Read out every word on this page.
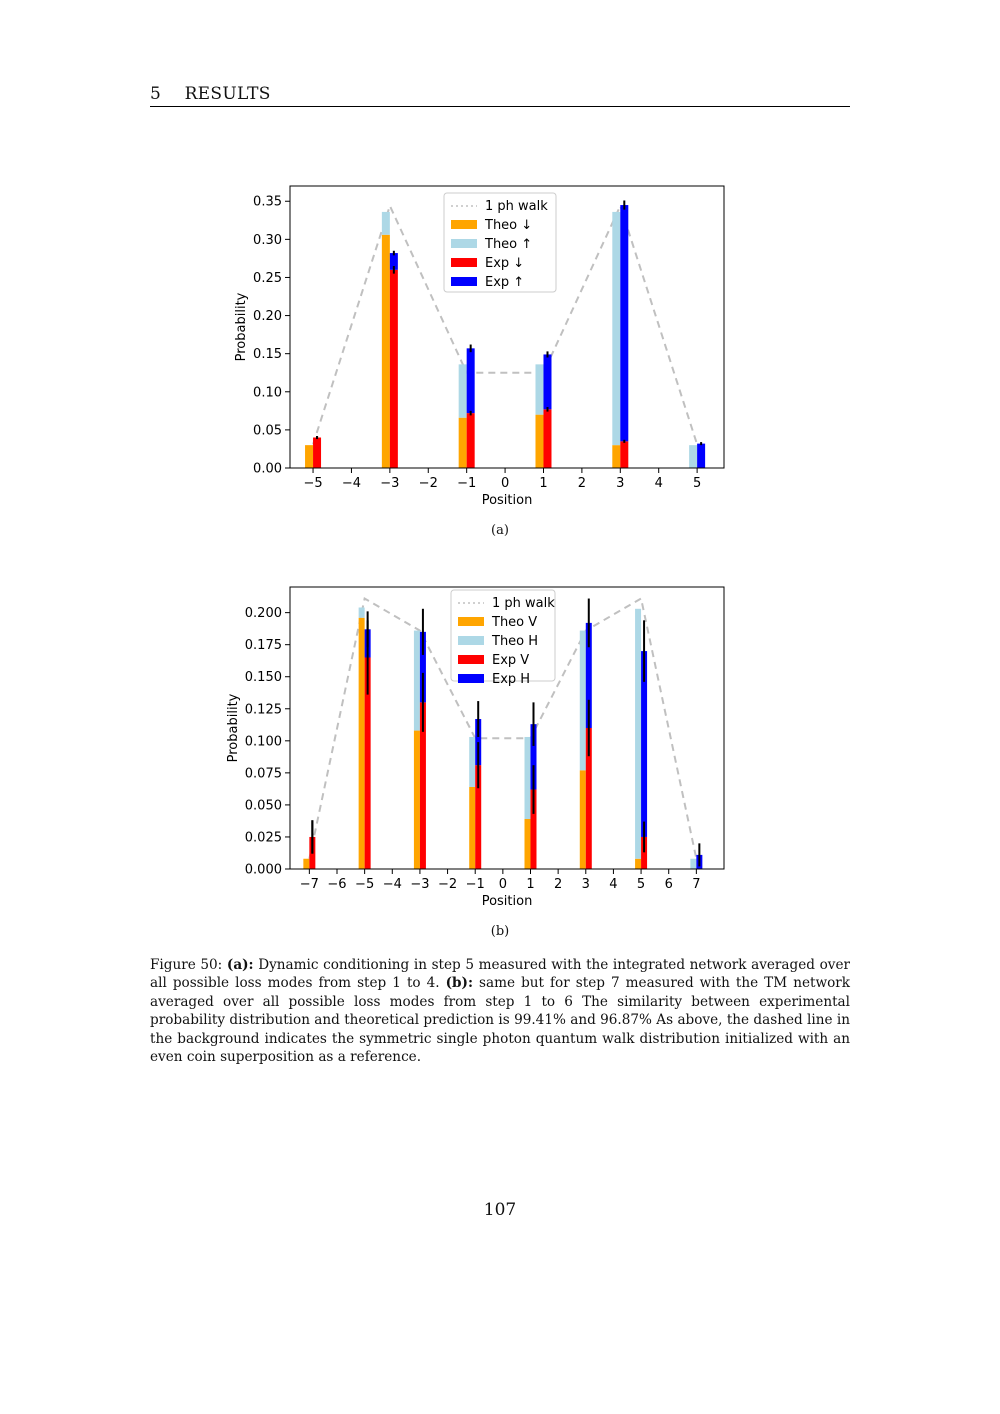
5 RESULTS
0.00
0.05
0.10
0.15
0.20
0.25
0.30
0.35
−5 −4 −3 −2 −1 0 1 2 3 4 5
Position
Probability
1 ph walk
Theo ↓
Theo ↑
Exp ↓
Exp ↑
(a)
0.000
0.025
0.050
0.075
0.100
0.125
0.150
0.175
0.200
−7 −6 −5 −4 −3 −2 −1 0 1 2 3 4 5 6 7
Position
Probability
1 ph walk
Theo V
Theo H
Exp V
Exp H
(b)
Figure 50: (a): Dynamic conditioning in step 5 measured with the integrated network averaged over all possible loss modes from step 1 to 4. (b): same but for step 7 measured with the TM network averaged over all possible loss modes from step 1 to 6 The similarity between experimental probability distribution and theoretical prediction is 99.41% and 96.87% As above, the dashed line in the background indicates the symmetric single photon quantum walk distribution initialized with an even coin superposition as a reference.
107
